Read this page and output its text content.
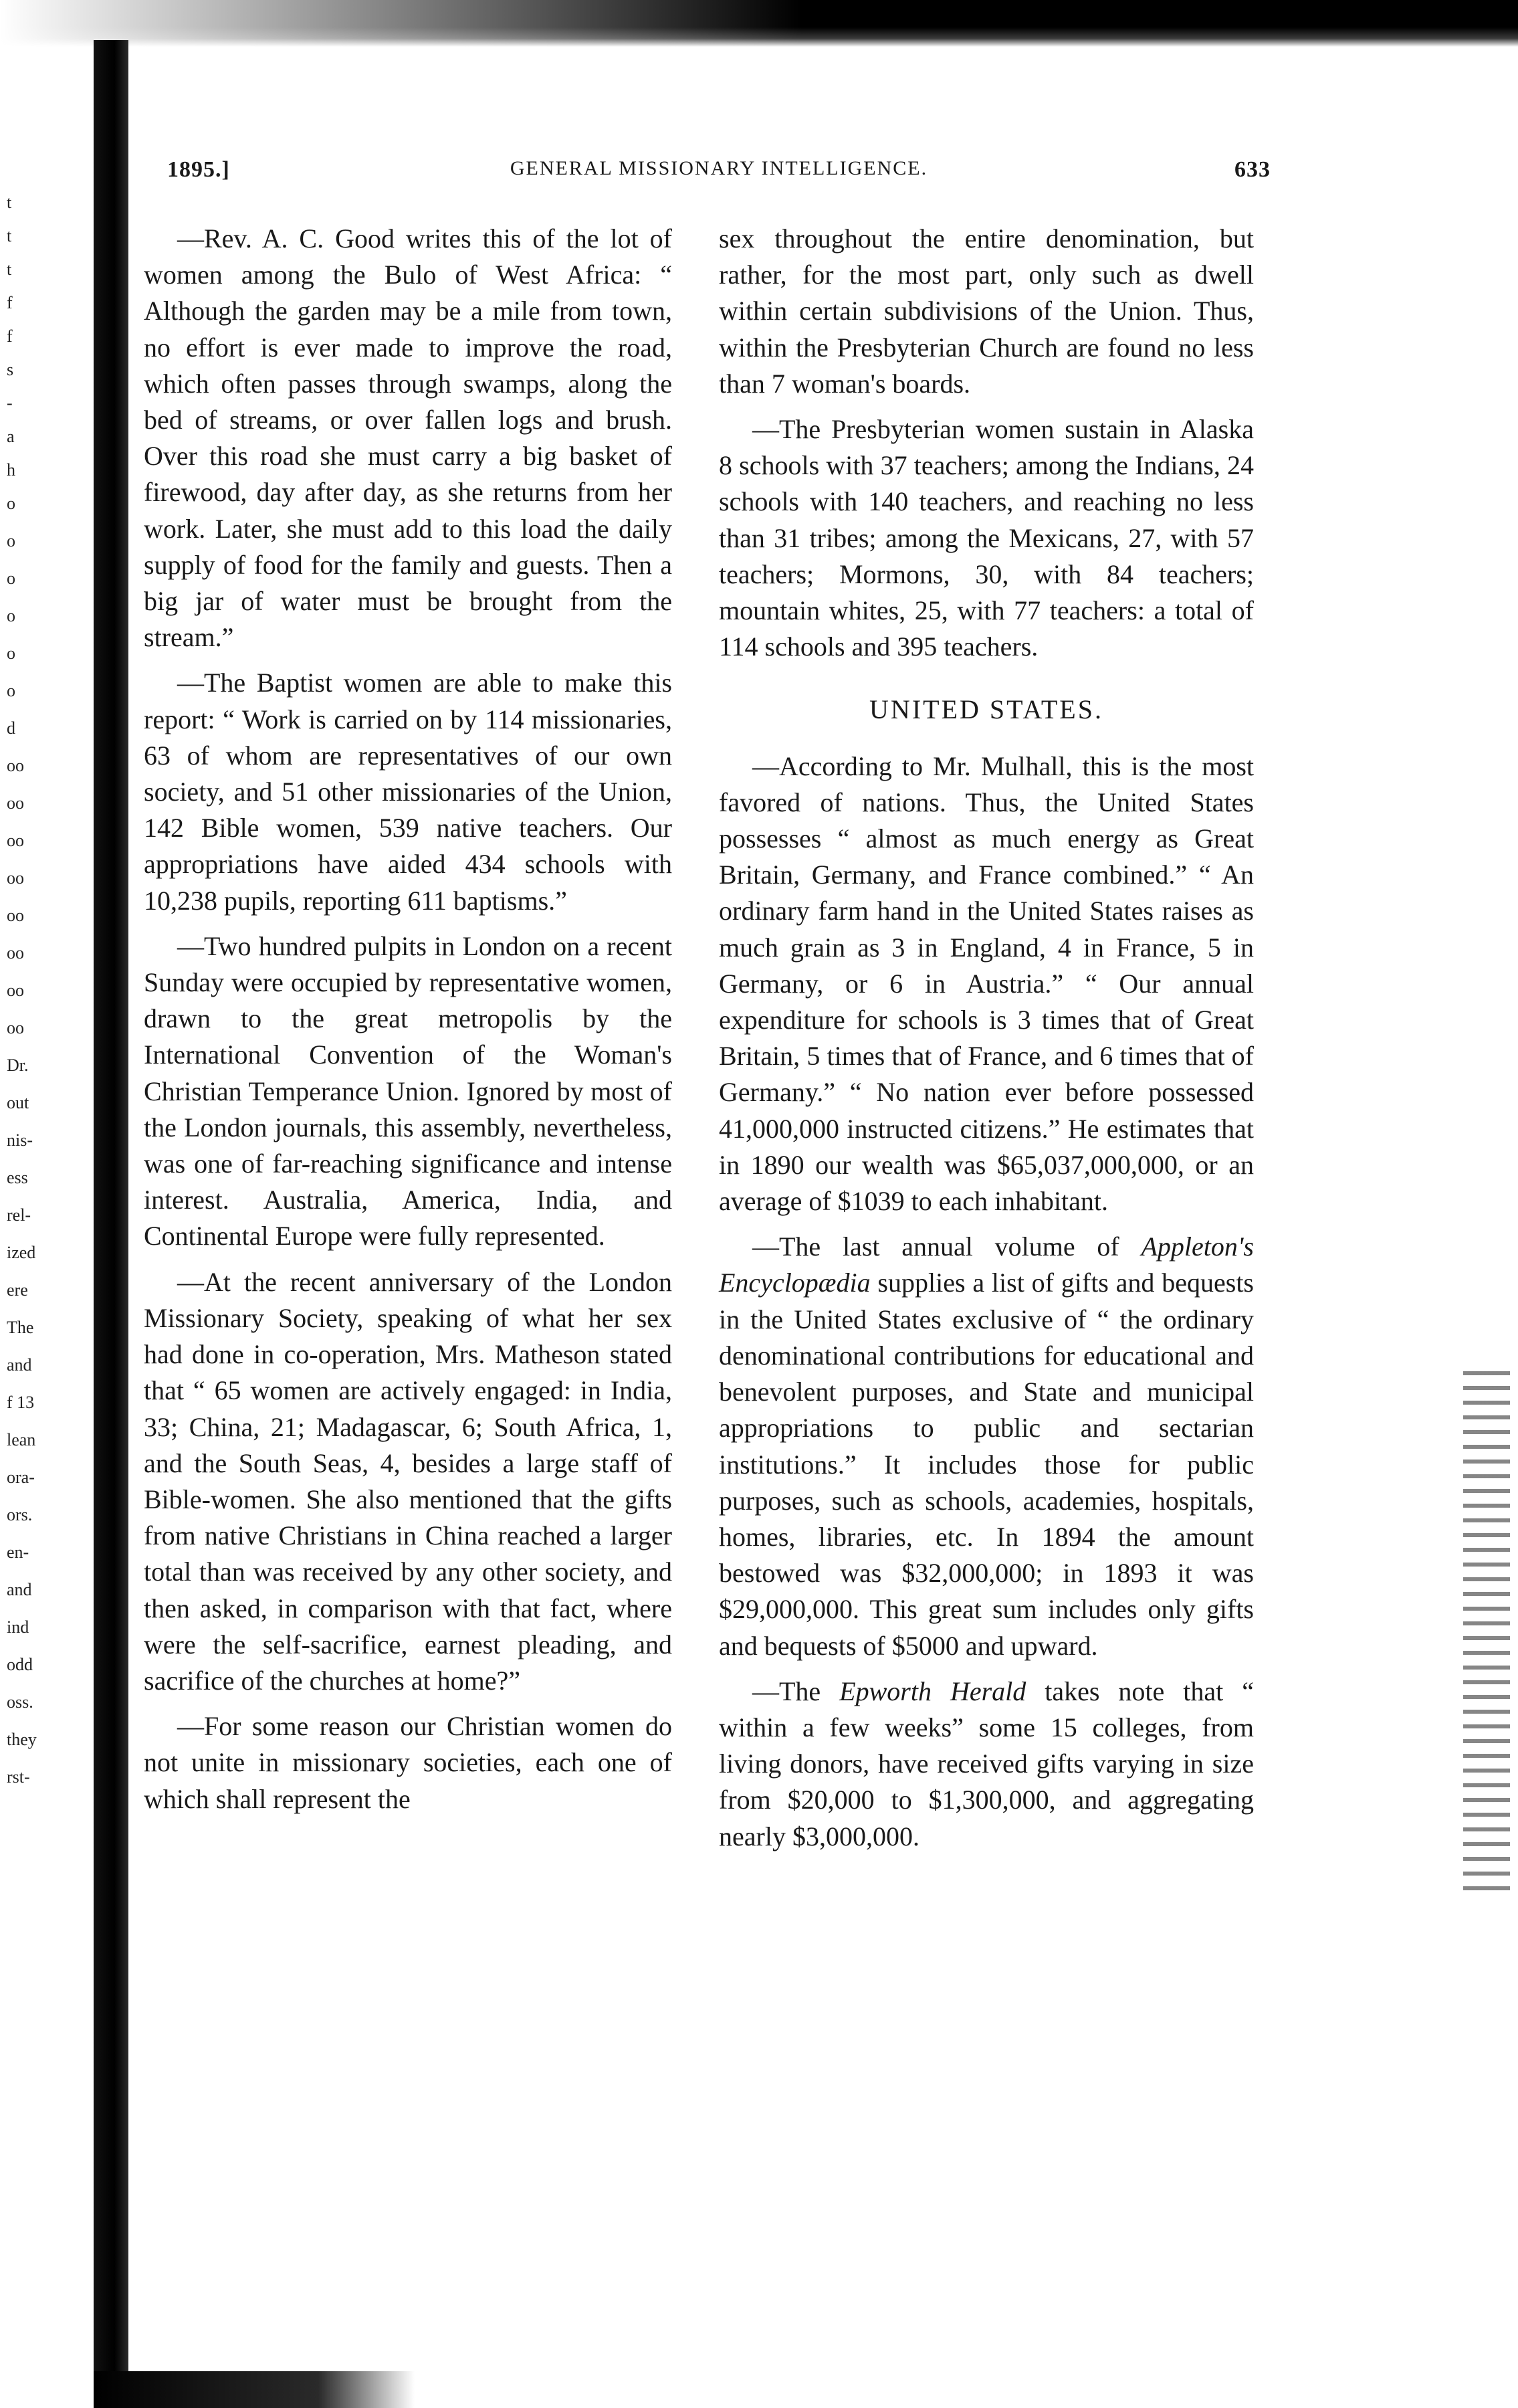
t
t
t
f
f
s
-
a
h
o
o
o
o
o
o
d
oo
oo
oo
oo
oo
oo
oo
oo
Dr.
out
nis-
ess
rel-
ized
ere
The
and
f 13
lean
ora-
ors.
en-
and
ind
odd
oss.
they
rst-
1895.]	GENERAL MISSIONARY INTELLIGENCE.	633

—Rev. A. C. Good writes this of the lot of women among the Bulo of West Africa: “ Although the garden may be a mile from town, no effort is ever made to improve the road, which often passes through swamps, along the bed of streams, or over fallen logs and brush. Over this road she must carry a big basket of firewood, day after day, as she returns from her work. Later, she must add to this load the daily supply of food for the family and guests. Then a big jar of water must be brought from the stream.”

—The Baptist women are able to make this report: “ Work is carried on by 114 missionaries, 63 of whom are representatives of our own society, and 51 other missionaries of the Union, 142 Bible women, 539 native teachers. Our appropriations have aided 434 schools with 10,238 pupils, reporting 611 baptisms.”

—Two hundred pulpits in London on a recent Sunday were occupied by representative women, drawn to the great metropolis by the International Convention of the Woman's Christian Temperance Union. Ignored by most of the London journals, this assembly, nevertheless, was one of far-reaching significance and intense interest. Australia, America, India, and Continental Europe were fully represented.

—At the recent anniversary of the London Missionary Society, speaking of what her sex had done in co-operation, Mrs. Matheson stated that “ 65 women are actively engaged: in India, 33; China, 21; Madagascar, 6; South Africa, 1, and the South Seas, 4, besides a large staff of Bible-women. She also mentioned that the gifts from native Christians in China reached a larger total than was received by any other society, and then asked, in comparison with that fact, where were the self-sacrifice, earnest pleading, and sacrifice of the churches at home?”

—For some reason our Christian women do not unite in missionary societies, each one of which shall represent the

sex throughout the entire denomination, but rather, for the most part, only such as dwell within certain subdivisions of the Union. Thus, within the Presbyterian Church are found no less than 7 woman's boards.

—The Presbyterian women sustain in Alaska 8 schools with 37 teachers; among the Indians, 24 schools with 140 teachers, and reaching no less than 31 tribes; among the Mexicans, 27, with 57 teachers; Mormons, 30, with 84 teachers; mountain whites, 25, with 77 teachers: a total of 114 schools and 395 teachers.

UNITED STATES.

—According to Mr. Mulhall, this is the most favored of nations. Thus, the United States possesses “ almost as much energy as Great Britain, Germany, and France combined.” “ An ordinary farm hand in the United States raises as much grain as 3 in England, 4 in France, 5 in Germany, or 6 in Austria.” “ Our annual expenditure for schools is 3 times that of Great Britain, 5 times that of France, and 6 times that of Germany.” “ No nation ever before possessed 41,000,000 instructed citizens.” He estimates that in 1890 our wealth was $65,037,000,000, or an average of $1039 to each inhabitant.

—The last annual volume of Appleton's Encyclopædia supplies a list of gifts and bequests in the United States exclusive of “ the ordinary denominational contributions for educational and benevolent purposes, and State and municipal appropriations to public and sectarian institutions.” It includes those for public purposes, such as schools, academies, hospitals, homes, libraries, etc. In 1894 the amount bestowed was $32,000,000; in 1893 it was $29,000,000. This great sum includes only gifts and bequests of $5000 and upward.

—The Epworth Herald takes note that “ within a few weeks” some 15 colleges, from living donors, have received gifts varying in size from $20,000 to $1,300,000, and aggregating nearly $3,000,000.
